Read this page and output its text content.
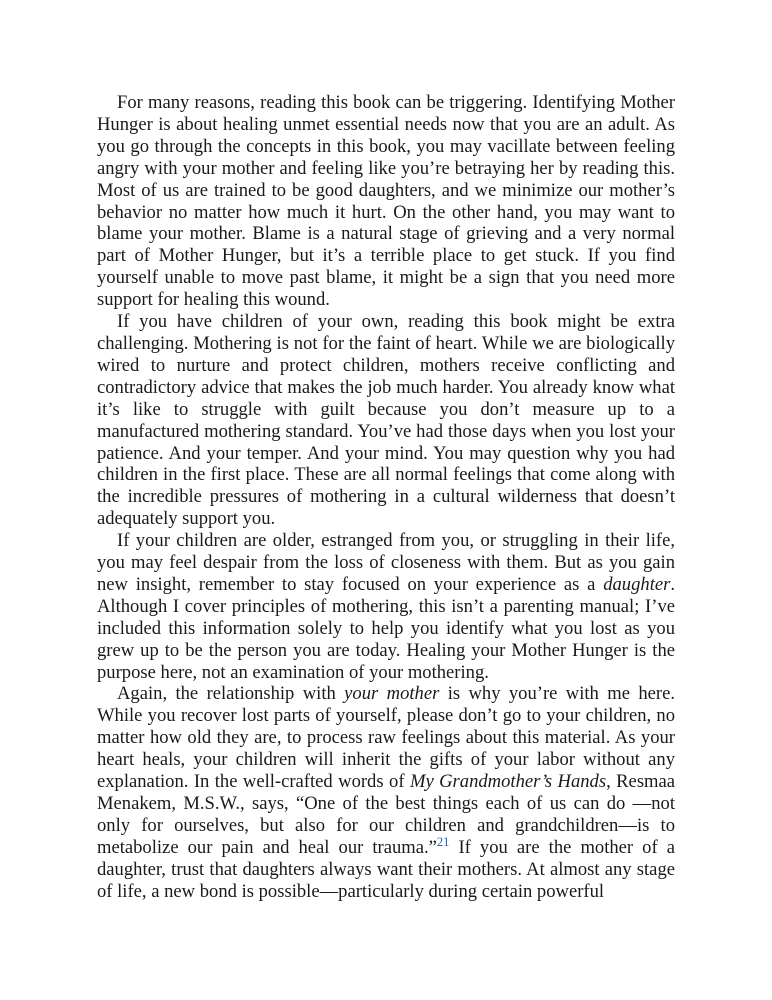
For many reasons, reading this book can be triggering. Identifying Mother Hunger is about healing unmet essential needs now that you are an adult. As you go through the concepts in this book, you may vacillate between feeling angry with your mother and feeling like you’re betraying her by reading this. Most of us are trained to be good daughters, and we minimize our mother’s behavior no matter how much it hurt. On the other hand, you may want to blame your mother. Blame is a natural stage of grieving and a very normal part of Mother Hunger, but it’s a terrible place to get stuck. If you find yourself unable to move past blame, it might be a sign that you need more support for healing this wound.

If you have children of your own, reading this book might be extra challenging. Mothering is not for the faint of heart. While we are biologically wired to nurture and protect children, mothers receive conflicting and contradictory advice that makes the job much harder. You already know what it’s like to struggle with guilt because you don’t measure up to a manufactured mothering standard. You’ve had those days when you lost your patience. And your temper. And your mind. You may question why you had children in the first place. These are all normal feelings that come along with the incredible pressures of mothering in a cultural wilderness that doesn’t adequately support you.

If your children are older, estranged from you, or struggling in their life, you may feel despair from the loss of closeness with them. But as you gain new insight, remember to stay focused on your experience as a daughter. Although I cover principles of mothering, this isn’t a parenting manual; I’ve included this information solely to help you identify what you lost as you grew up to be the person you are today. Healing your Mother Hunger is the purpose here, not an examination of your mothering.

Again, the relationship with your mother is why you’re with me here. While you recover lost parts of yourself, please don’t go to your children, no matter how old they are, to process raw feelings about this material. As your heart heals, your children will inherit the gifts of your labor without any explanation. In the well-crafted words of My Grandmother’s Hands, Resmaa Menakem, M.S.W., says, “One of the best things each of us can do —not only for ourselves, but also for our children and grandchildren—is to metabolize our pain and heal our trauma.”$^{21}$ If you are the mother of a daughter, trust that daughters always want their mothers. At almost any stage of life, a new bond is possible—particularly during certain powerful
